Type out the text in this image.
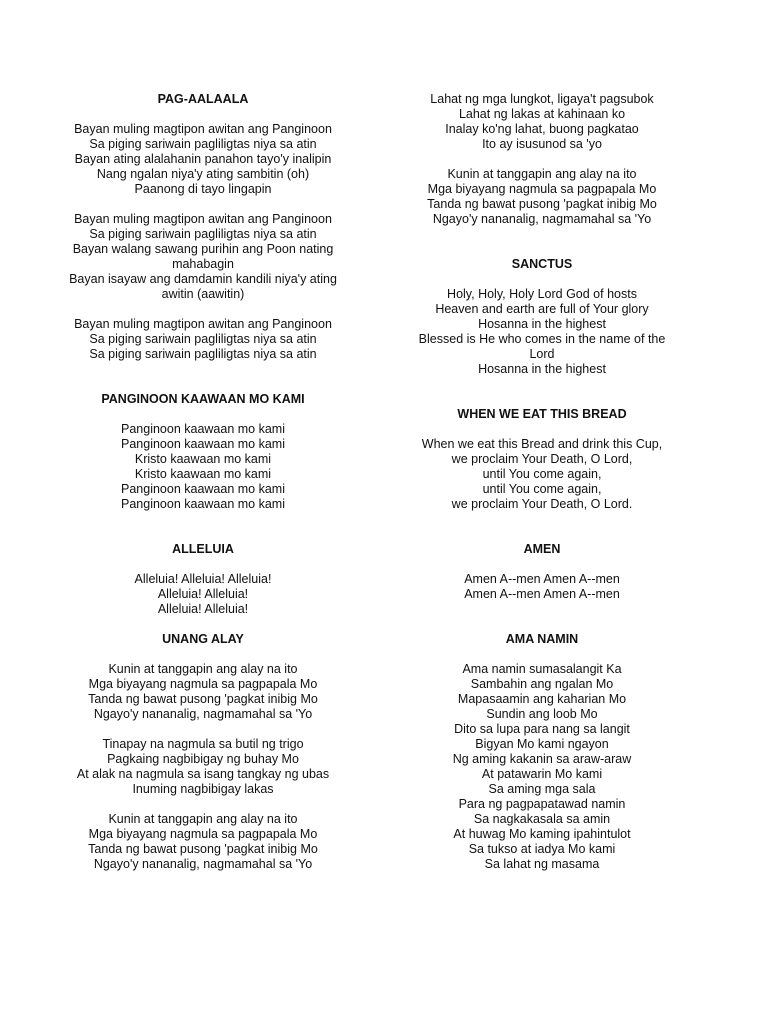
PAG-AALAALA

Bayan muling magtipon awitan ang Panginoon
Sa piging sariwain pagliligtas niya sa atin
Bayan ating alalahanin panahon tayo'y inalipin
Nang ngalan niya'y ating sambitin (oh)
Paanong di tayo lingapin

Bayan muling magtipon awitan ang Panginoon
Sa piging sariwain pagliligtas niya sa atin
Bayan walang sawang purihin ang Poon nating
mahabagin
Bayan isayaw ang damdamin kandili niya'y ating
awitin (aawitin)

Bayan muling magtipon awitan ang Panginoon
Sa piging sariwain pagliligtas niya sa atin
Sa piging sariwain pagliligtas niya sa atin

PANGINOON KAAWAAN MO KAMI

Panginoon kaawaan mo kami
Panginoon kaawaan mo kami
Kristo kaawaan mo kami
Kristo kaawaan mo kami
Panginoon kaawaan mo kami
Panginoon kaawaan mo kami

ALLELUIA

Alleluia! Alleluia! Alleluia!
Alleluia! Alleluia!
Alleluia! Alleluia!

UNANG ALAY

Kunin at tanggapin ang alay na ito
Mga biyayang nagmula sa pagpapala Mo
Tanda ng bawat pusong 'pagkat inibig Mo
Ngayo'y nananalig, nagmamahal sa 'Yo

Tinapay na nagmula sa butil ng trigo
Pagkaing nagbibigay ng buhay Mo
At alak na nagmula sa isang tangkay ng ubas
Inuming nagbibigay lakas

Kunin at tanggapin ang alay na ito
Mga biyayang nagmula sa pagpapala Mo
Tanda ng bawat pusong 'pagkat inibig Mo
Ngayo'y nananalig, nagmamahal sa 'Yo

Lahat ng mga lungkot, ligaya't pagsubok
Lahat ng lakas at kahinaan ko
Inalay ko'ng lahat, buong pagkatao
Ito ay isusunod sa 'yo

Kunin at tanggapin ang alay na ito
Mga biyayang nagmula sa pagpapala Mo
Tanda ng bawat pusong 'pagkat inibig Mo
Ngayo'y nananalig, nagmamahal sa 'Yo

SANCTUS

Holy, Holy, Holy Lord God of hosts
Heaven and earth are full of Your glory
Hosanna in the highest
Blessed is He who comes in the name of the
Lord
Hosanna in the highest

WHEN WE EAT THIS BREAD

When we eat this Bread and drink this Cup,
we proclaim Your Death, O Lord,
until You come again,
until You come again,
we proclaim Your Death, O Lord.

AMEN

Amen A--men Amen A--men
Amen A--men Amen A--men

AMA NAMIN

Ama namin sumasalangit Ka
Sambahin ang ngalan Mo
Mapasaamin ang kaharian Mo
Sundin ang loob Mo
Dito sa lupa para nang sa langit
Bigyan Mo kami ngayon
Ng aming kakanin sa araw-araw
At patawarin Mo kami
Sa aming mga sala
Para ng pagpapatawad namin
Sa nagkakasala sa amin
At huwag Mo kaming ipahintulot
Sa tukso at iadya Mo kami
Sa lahat ng masama
